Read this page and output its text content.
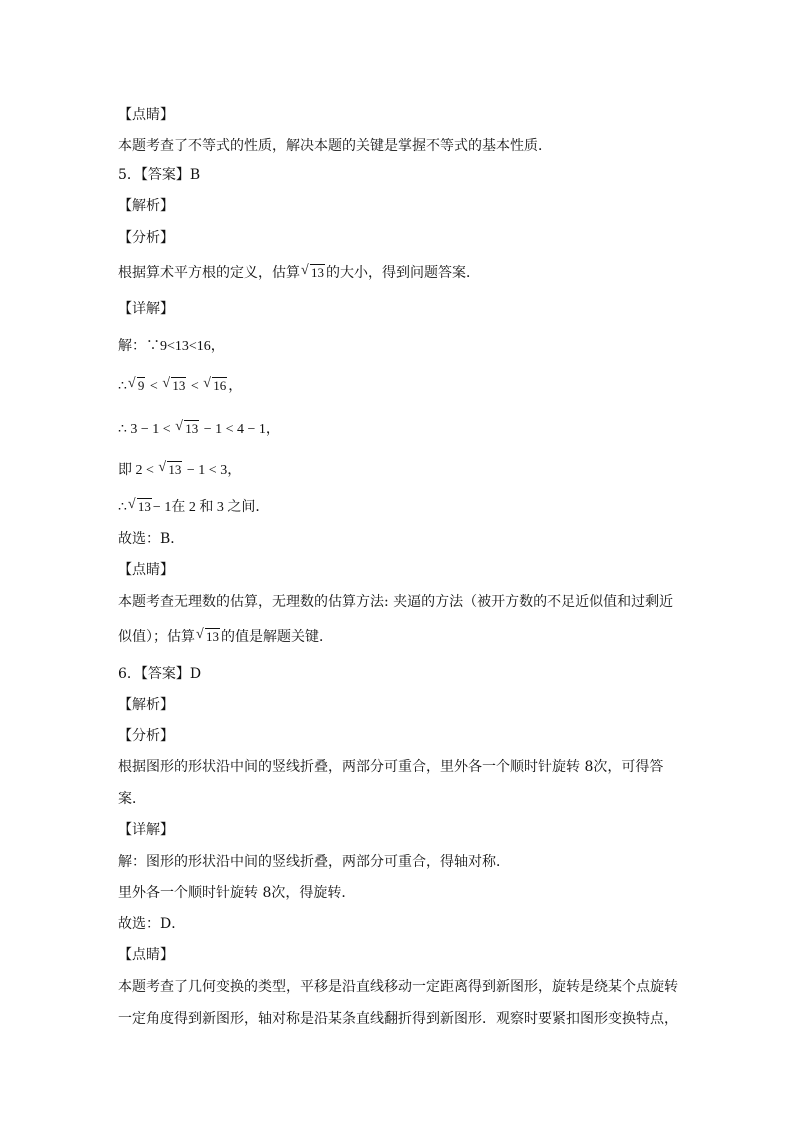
【点睛】
本题考查了不等式的性质，解决本题的关键是掌握不等式的基本性质．
5．【答案】B
【解析】
【分析】
根据算术平方根的定义，估算 √ 13 的大小，得到问题答案．
【详解】
解：∵9<13<16，
∴ √ 9 < √ 13 < √ 16 ，
∴ 3 − 1 < √ 13 − 1 < 4 − 1，
即 2 < √ 13 − 1 < 3，
∴ √ 13 − 1在 2 和 3 之间．
故选：B．
【点睛】
本题考查无理数的估算，无理数的估算方法: 夹逼的方法（被开方数的不足近似值和过剩近
似值）；估算 √ 13 的值是解题关键．
6．【答案】D
【解析】
【分析】
根据图形的形状沿中间的竖线折叠，两部分可重合，里外各一个顺时针旋转 8次，可得答
案．
【详解】
解：图形的形状沿中间的竖线折叠，两部分可重合，得轴对称．
里外各一个顺时针旋转 8次，得旋转．
故选：D．
【点睛】
本题考查了几何变换的类型，平移是沿直线移动一定距离得到新图形，旋转是绕某个点旋转
一定角度得到新图形，轴对称是沿某条直线翻折得到新图形．观察时要紧扣图形变换特点，
